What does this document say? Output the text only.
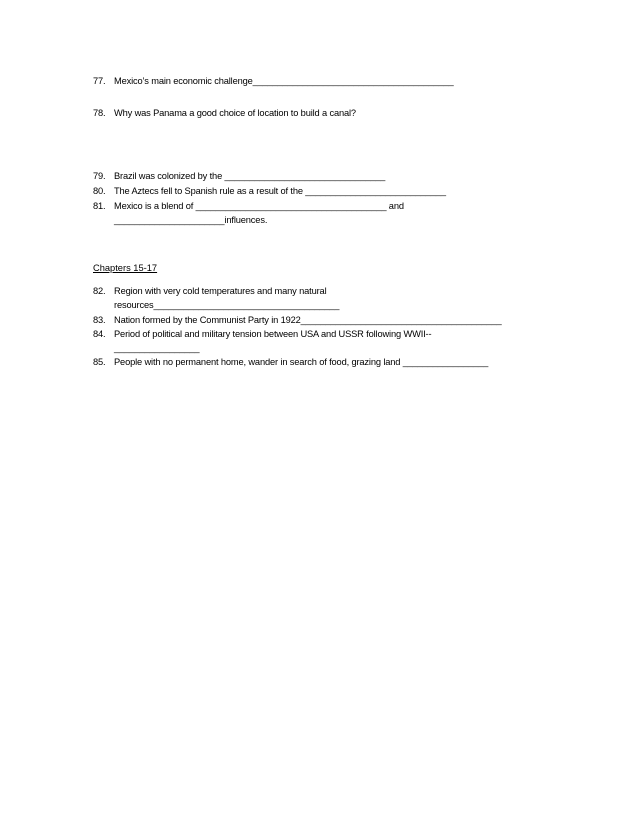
77. Mexico’s main economic challenge________________________________________
78. Why was Panama a good choice of location to build a canal?
79. Brazil was colonized by the ________________________________
80. The Aztecs fell to Spanish rule as a result of the ____________________________
81. Mexico is a blend of ______________________________________ and
______________________influences.
Chapters 15-17
82. Region with very cold temperatures and many natural
resources_____________________________________
83. Nation formed by the Communist Party in 1922________________________________________
84. Period of political and military tension between USA and USSR following WWII--
_________________
85. People with no permanent home, wander in search of food, grazing land _________________
